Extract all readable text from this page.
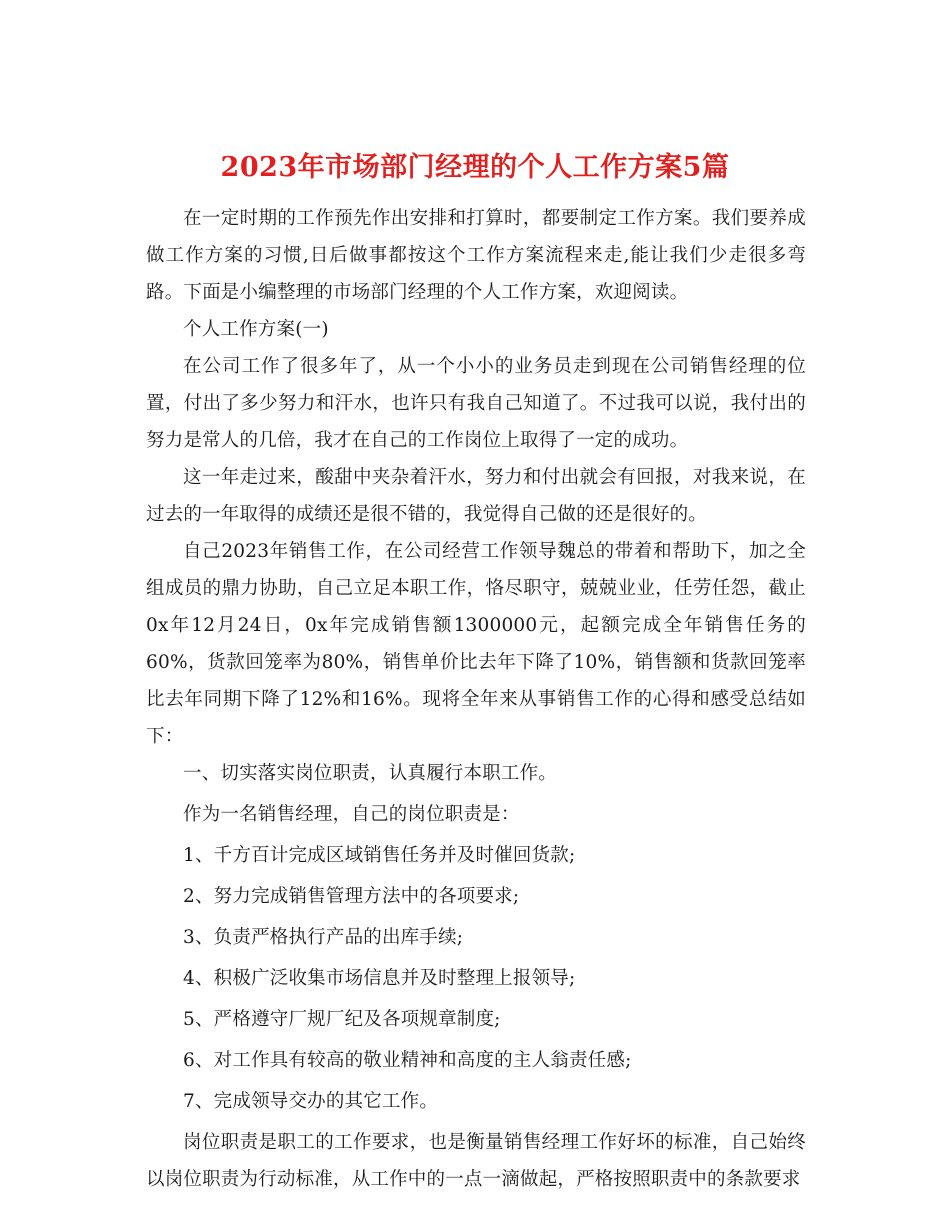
2023年市场部门经理的个人工作方案5篇

在一定时期的工作预先作出安排和打算时，都要制定工作方案。我们要养成做工作方案的习惯,日后做事都按这个工作方案流程来走,能让我们少走很多弯路。下面是小编整理的市场部门经理的个人工作方案，欢迎阅读。

个人工作方案(一)

在公司工作了很多年了，从一个小小的业务员走到现在公司销售经理的位置，付出了多少努力和汗水，也许只有我自己知道了。不过我可以说，我付出的努力是常人的几倍，我才在自己的工作岗位上取得了一定的成功。

这一年走过来，酸甜中夹杂着汗水，努力和付出就会有回报，对我来说，在过去的一年取得的成绩还是很不错的，我觉得自己做的还是很好的。

自己2023年销售工作，在公司经营工作领导魏总的带着和帮助下，加之全组成员的鼎力协助，自己立足本职工作，恪尽职守，兢兢业业，任劳任怨，截止0x年12月24日，0x年完成销售额1300000元，起额完成全年销售任务的60%，货款回笼率为80%，销售单价比去年下降了10%，销售额和货款回笼率比去年同期下降了12%和16%。现将全年来从事销售工作的心得和感受总结如下：

一、切实落实岗位职责，认真履行本职工作。

作为一名销售经理，自己的岗位职责是：

1、千方百计完成区域销售任务并及时催回货款;

2、努力完成销售管理方法中的各项要求;

3、负责严格执行产品的出库手续;

4、积极广泛收集市场信息并及时整理上报领导;

5、严格遵守厂规厂纪及各项规章制度;

6、对工作具有较高的敬业精神和高度的主人翁责任感;

7、完成领导交办的其它工作。

岗位职责是职工的工作要求，也是衡量销售经理工作好坏的标准，自己始终以岗位职责为行动标准，从工作中的一点一滴做起，严格按照职责中的条款要求
